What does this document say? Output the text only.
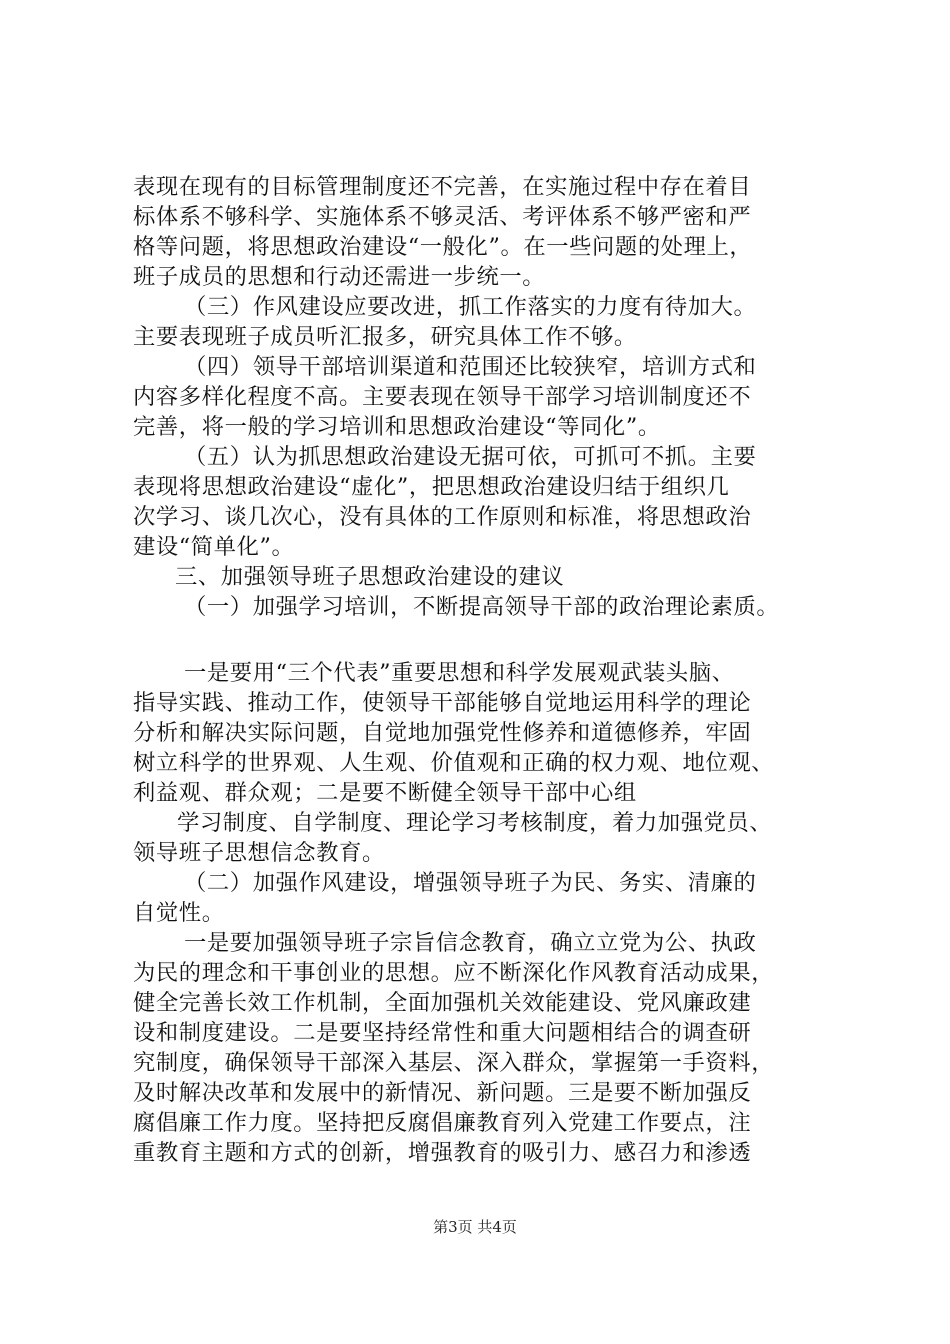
表现在现有的目标管理制度还不完善，在实施过程中存在着目
标体系不够科学、实施体系不够灵活、考评体系不够严密和严
格等问题，将思想政治建设“一般化”。在一些问题的处理上，
班子成员的思想和行动还需进一步统一。
（三）作风建设应要改进，抓工作落实的力度有待加大。
主要表现班子成员听汇报多，研究具体工作不够。
（四）领导干部培训渠道和范围还比较狭窄，培训方式和
内容多样化程度不高。主要表现在领导干部学习培训制度还不
完善，将一般的学习培训和思想政治建设“等同化”。
（五）认为抓思想政治建设无据可依，可抓可不抓。主要
表现将思想政治建设“虚化”，把思想政治建设归结于组织几
次学习、谈几次心，没有具体的工作原则和标准，将思想政治
建设“简单化”。
三、加强领导班子思想政治建设的建议
（一）加强学习培训，不断提高领导干部的政治理论素质。
一是要用“三个代表”重要思想和科学发展观武装头脑、
指导实践、推动工作，使领导干部能够自觉地运用科学的理论
分析和解决实际问题，自觉地加强党性修养和道德修养，牢固
树立科学的世界观、人生观、价值观和正确的权力观、地位观、
利益观、群众观；二是要不断健全领导干部中心组
学习制度、自学制度、理论学习考核制度，着力加强党员、
领导班子思想信念教育。
（二）加强作风建设，增强领导班子为民、务实、清廉的
自觉性。
一是要加强领导班子宗旨信念教育，确立立党为公、执政
为民的理念和干事创业的思想。应不断深化作风教育活动成果，
健全完善长效工作机制，全面加强机关效能建设、党风廉政建
设和制度建设。二是要坚持经常性和重大问题相结合的调查研
究制度，确保领导干部深入基层、深入群众，掌握第一手资料，
及时解决改革和发展中的新情况、新问题。三是要不断加强反
腐倡廉工作力度。坚持把反腐倡廉教育列入党建工作要点，注
重教育主题和方式的创新，增强教育的吸引力、感召力和渗透
第3页 共4页
